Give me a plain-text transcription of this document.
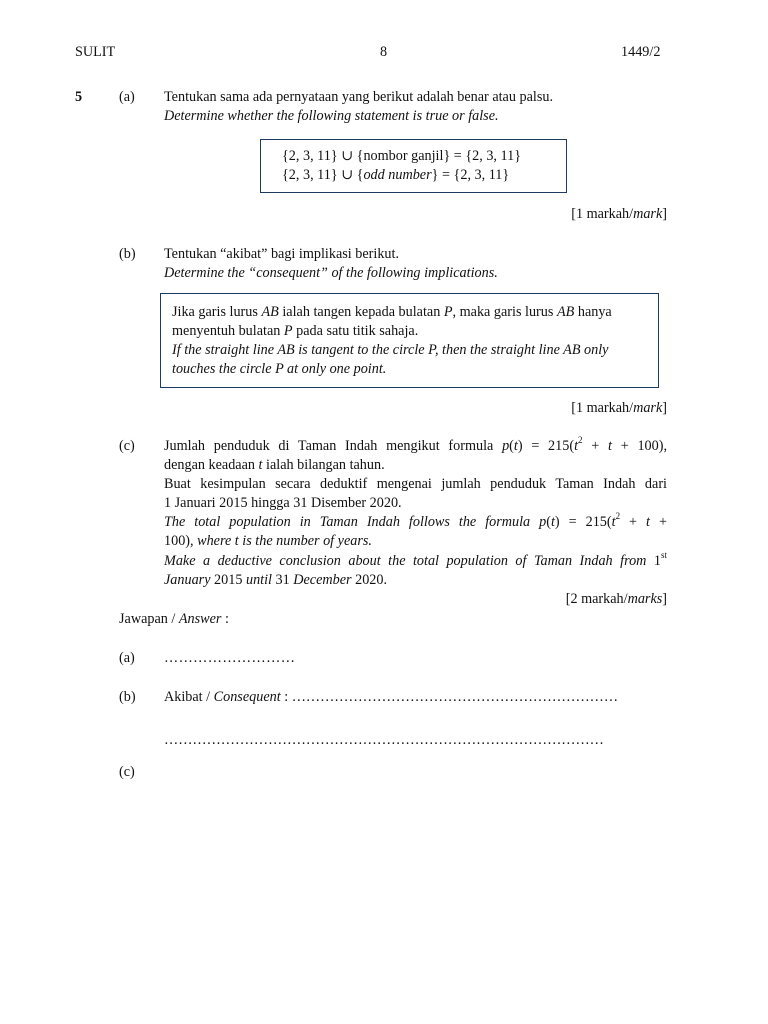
SULIT	8	1449/2
5	(a) Tentukan sama ada pernyataan yang berikut adalah benar atau palsu.
Determine whether the following statement is true or false.
{2, 3, 11} ∪ {nombor ganjil} = {2, 3, 11}
{2, 3, 11} ∪ {odd number} = {2, 3, 11}
[1 markah/mark]
(b) Tentukan “akibat” bagi implikasi berikut.
Determine the “consequent” of the following implications.
Jika garis lurus AB ialah tangen kepada bulatan P, maka garis lurus AB hanya
menyentuh bulatan P pada satu titik sahaja.
If the straight line AB is tangent to the circle P, then the straight line AB only
touches the circle P at only one point.
[1 markah/mark]
(c) Jumlah penduduk di Taman Indah mengikut formula $p(t) = 215(t^2 + t + 100)$,
dengan keadaan t ialah bilangan tahun.
Buat kesimpulan secara deduktif mengenai jumlah penduduk Taman Indah dari
1 Januari 2015 hingga 31 Disember 2020.
The total population in Taman Indah follows the formula $p(t) = 215(t^2 + t$ +
100), where t is the number of years.
Make a deductive conclusion about the total population of Taman Indah from 1st
January 2015 until 31 December 2020.
[2 markah/marks]
Jawapan / Answer :
(a) ………………………
(b) Akibat / Consequent : ……………………………………………………………
…………………………………………………………………………………
(c)
